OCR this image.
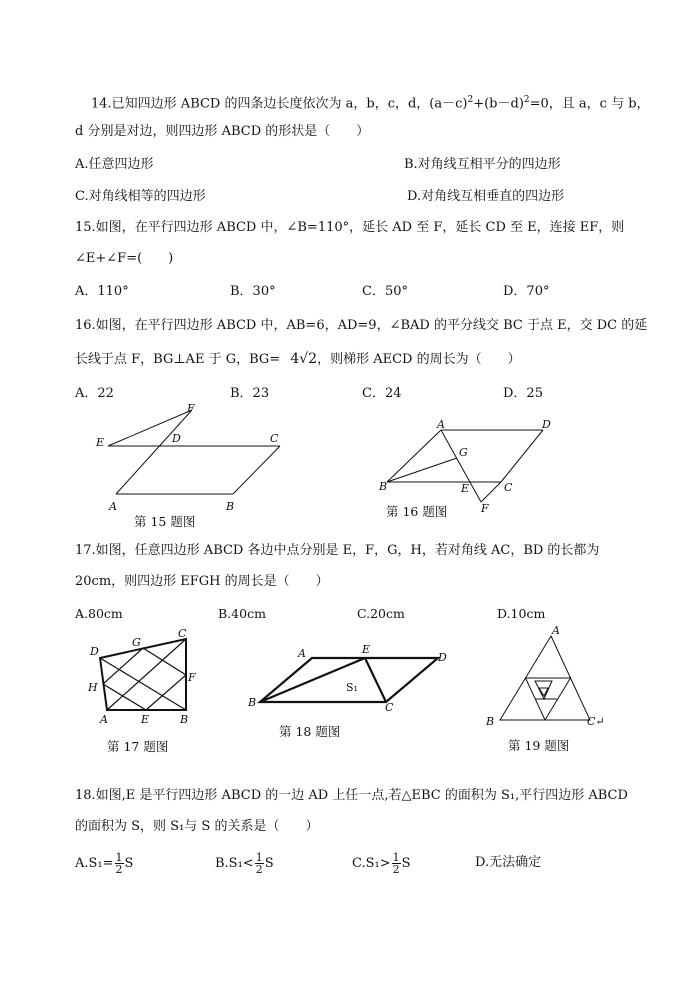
14.已知四边形 ABCD 的四条边长度依次为 a，b，c，d，$(a-c)^2+(b-d)^2=0$，且 a，c 与 b，
d 分别是对边，则四边形 ABCD 的形状是（　　）
A.任意四边形	B.对角线互相平分的四边形
C.对角线相等的四边形	D.对角线互相垂直的四边形
15.如图，在平行四边形 ABCD 中，∠B=110°，延长 AD 至 F，延长 CD 至 E，连接 EF，则
∠E+∠F=(　　)
A．110°	B．30°	C．50°	D．70°
16.如图，在平行四边形 ABCD 中，AB=6，AD=9，∠BAD 的平分线交 BC 于点 E，交 DC 的延
长线于点 F，BG⊥AE 于 G，BG= 4√2，则梯形 AECD 的周长为（　　）
A．22	B．23	C．24	D．25
F
E	D	C
A	B
第 15 题图
A	D
G
B	E	C
F
第 16 题图
17.如图，任意四边形 ABCD 各边中点分别是 E，F，G，H，若对角线 AC，BD 的长都为
20cm，则四边形 EFGH 的周长是（　　）
A.80cm	B.40cm	C.20cm	D.10cm
G
C
D
H
F
A	E	B
第 17 题图
A	E
D
S₁
B	C
第 18 题图
A
B	C↵
第 19 题图
18.如图,E 是平行四边形 ABCD 的一边 AD 上任一点,若△EBC 的面积为 S₁,平行四边形 ABCD
的面积为 S，则 S₁与 S 的关系是（　　）
$A.S_1= \frac{1}{2}$ S	$B.S_1< \frac{1}{2}$ S	$C.S_1> \frac{1}{2}$ S	D.无法确定
